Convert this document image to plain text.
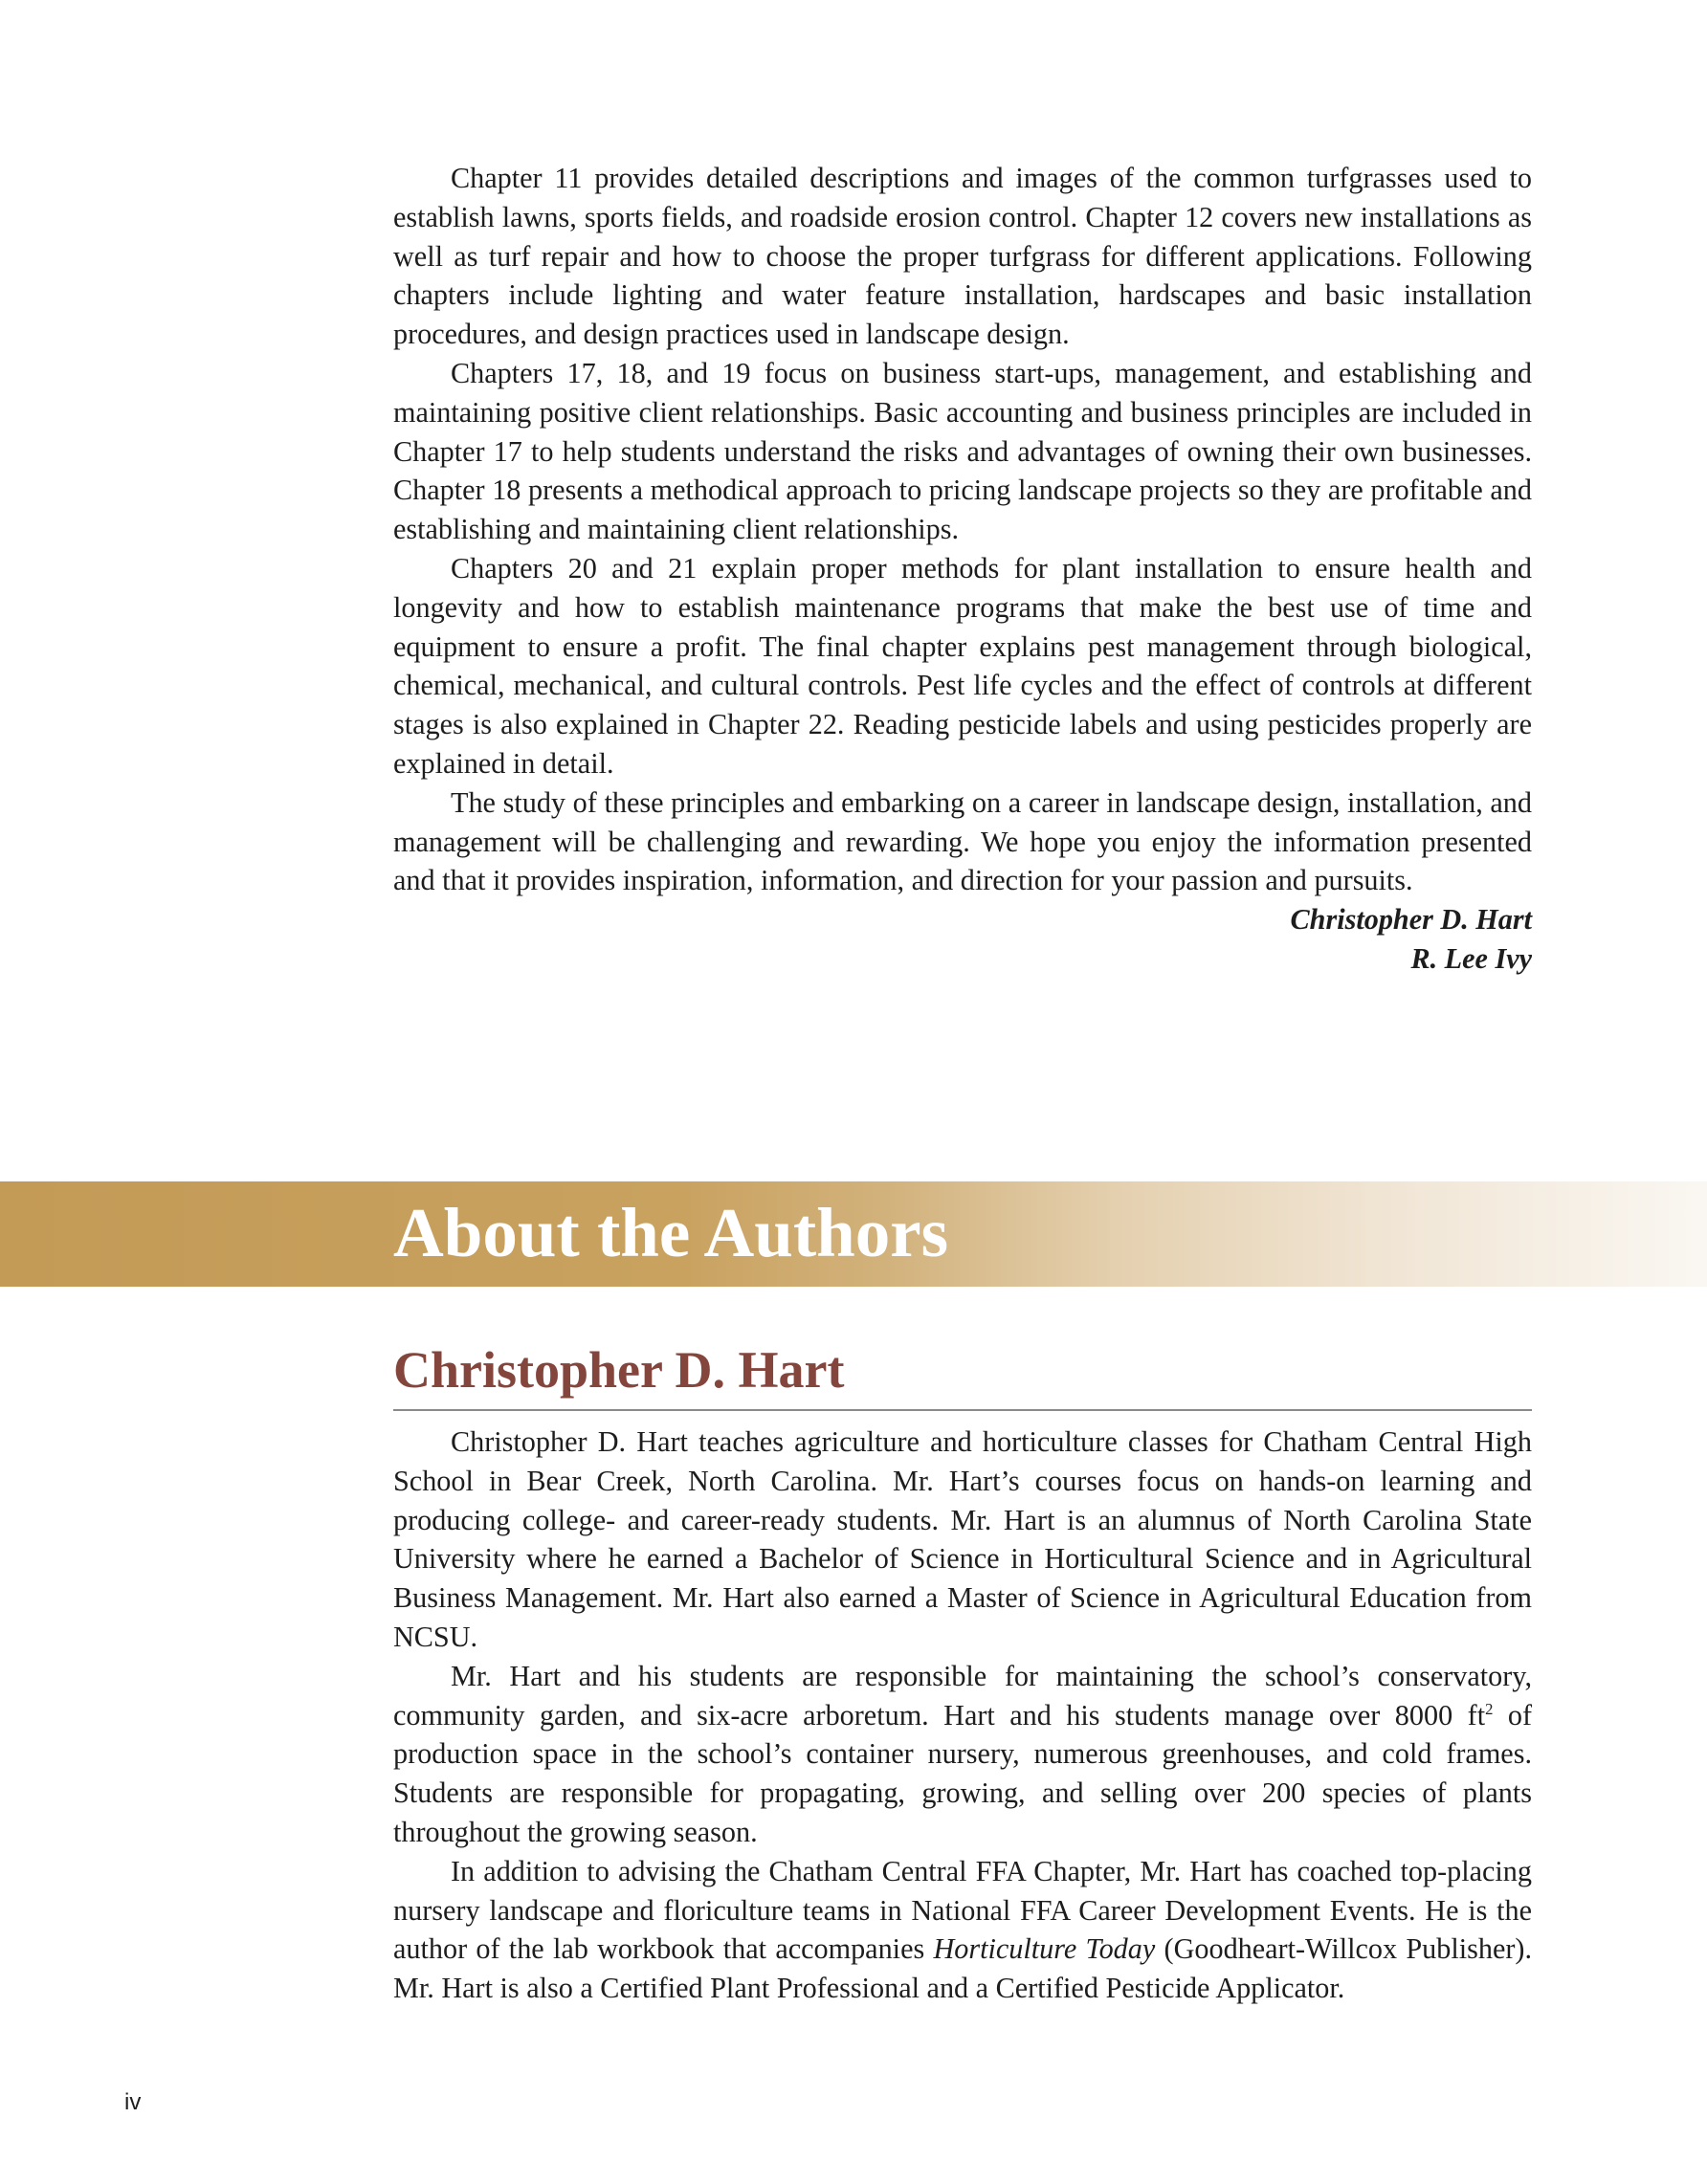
Chapter 11 provides detailed descriptions and images of the common turfgrasses used to establish lawns, sports fields, and roadside erosion control. Chapter 12 covers new installations as well as turf repair and how to choose the proper turfgrass for different applications. Following chapters include lighting and water feature installation, hardscapes and basic installation procedures, and design practices used in landscape design.

Chapters 17, 18, and 19 focus on business start-ups, management, and establishing and maintaining positive client relationships. Basic accounting and business principles are included in Chapter 17 to help students understand the risks and advantages of owning their own businesses. Chapter 18 presents a methodical approach to pricing landscape projects so they are profitable and establishing and maintaining client relationships.

Chapters 20 and 21 explain proper methods for plant installation to ensure health and longevity and how to establish maintenance programs that make the best use of time and equipment to ensure a profit. The final chapter explains pest management through biological, chemical, mechanical, and cultural controls. Pest life cycles and the effect of controls at different stages is also explained in Chapter 22. Reading pesticide labels and using pesticides properly are explained in detail.

The study of these principles and embarking on a career in landscape design, installation, and management will be challenging and rewarding. We hope you enjoy the information presented and that it provides inspiration, information, and direction for your passion and pursuits.

Christopher D. Hart
R. Lee Ivy
About the Authors
Christopher D. Hart

Christopher D. Hart teaches agriculture and horticulture classes for Chatham Central High School in Bear Creek, North Carolina. Mr. Hart’s courses focus on hands-on learning and producing college- and career-ready students. Mr. Hart is an alumnus of North Carolina State University where he earned a Bachelor of Science in Horticultural Science and in Agricultural Business Management. Mr. Hart also earned a Master of Science in Agricultural Education from NCSU.

Mr. Hart and his students are responsible for maintaining the school’s conservatory, community garden, and six-acre arboretum. Hart and his students manage over 8000 $ft^2$ of production space in the school’s container nursery, numerous greenhouses, and cold frames. Students are responsible for propagating, growing, and selling over 200 species of plants throughout the growing season.

In addition to advising the Chatham Central FFA Chapter, Mr. Hart has coached top-placing nursery landscape and floriculture teams in National FFA Career Development Events. He is the author of the lab workbook that accompanies Horticulture Today (Goodheart-Willcox Publisher). Mr. Hart is also a Certified Plant Professional and a Certified Pesticide Applicator.

iv
